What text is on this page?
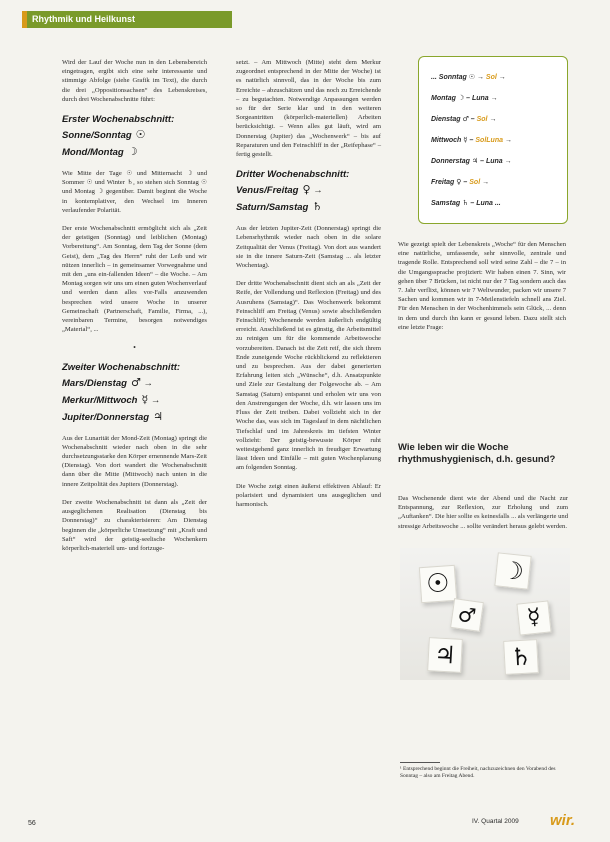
Rhythmik und Heilkunst

Wird der Lauf der Woche nun in den Lebensbereich eingetragen, ergibt sich eine sehr interessante und stimmige Abfolge (siehe Grafik im Text), die durch die drei „Oppositionsachsen“ des Lebenskreises, durch drei Wochenabschnitte führt:

Erster Wochenabschnitt:
Sonne/Sonntag ☉
Mond/Montag ☽

Wie Mitte der Tage ☉ und Mitternacht ☽ und Sommer ☉ und Winter ♄, so stehen sich Sonntag ☉ und Montag ☽ gegenüber. Damit beginnt die Woche in kontemplativer, den Wechsel im Inneren verlaufender Polarität.

Der erste Wochenabschnitt ermöglicht sich als „Zeit der geistigen (Sonntag) und leiblichen (Montag) Vorbereitung“. Am Sonntag, dem Tag der Sonne (dem Geist), dem „Tag des Herrn“ ruht der Leib und wir nützen innerlich – in gemeinsamer Vorwegnahme und mit den „uns ein-fallenden Ideen“ – die Woche. – Am Montag sorgen wir uns um einen guten Wochenverlauf und werden dann alles vor-Falls anzuwenden besprechen wird unsere Woche in unserer Gemeinschaft (Partnerschaft, Familie, Firma, ...), vereinbaren Termine, besorgen notwendiges „Material“, ...

•
Zweiter Wochenabschnitt:
Mars/Dienstag ♂ →
Merkur/Mittwoch ☿ →
Jupiter/Donnerstag ♃

Aus der Lunarität der Mond-Zeit (Montag) springt die Wochenabschnitt wieder nach oben in die sehr durchsetzungsstarke den Körper ernennende Mars-Zeit (Dienstag). Von dort wandert die Wochenabschnitt dann über die Mitte (Mittwoch) nach unten in die innere Zeitpolität des Jupiters (Donnerstag).

Der zweite Wochenabschnitt ist dann als „Zeit der ausgeglichenen Realisation (Dienstag bis Donnerstag)“ zu charakterisieren: Am Dienstag beginnen die „körperliche Umsetzung“ mit „Kraft und Saft“ wird der geistig-seelische Wochenkern körperlich-materiell um- und fortzuge-

setzt. – Am Mittwoch (Mitte) steht dem Merkur zugeordnet entsprechend in der Mitte der Woche) ist es natürlich sinnvoll, das in der Woche bis zum Erreichte – abzuschätzen und das noch zu Erreichende – zu begutachten. Notwendige Anpassungen werden so für der Serie klar und in den weiteren Sorgeantritten (körperlich-materiellen) Arbeiten berücksichtigt. – Wenn alles gut läuft, wird am Donnerstag (Jupiter) das „Wochenwerk“ – bis auf Reparaturen und den Feinschliff in der „Reifephase“ – fertig gestellt.

Dritter Wochenabschnitt:
Venus/Freitag ♀ →
Saturn/Samstag ♄

Aus der letzten Jupiter-Zeit (Donnerstag) springt die Lebensrhythmik wieder nach oben in die solare Zeitqualität der Venus (Freitag). Von dort aus wandert sie in die innere Saturn-Zeit (Samstag ... als letzter Wochentag).

Der dritte Wochenabschnitt dient sich an als „Zeit der Reife, der Vollendung und Reflexion (Freitag) und des Ausruhens (Samstag)“. Das Wochenwerk bekommt Feinschliff am Freitag (Venus) sowie abschließenden Feinschliff; Wochenende werden äußerlich endgültig erreicht. Anschließend ist es günstig, die Arbeitsmittel zu reinigen um für die kommende Arbeitswoche vorzubereiten. Danach ist die Zeit reif, die sich ihrem Ende zuneigende Woche rückblickend zu reflektieren und zu besprechen. Aus der dabei generierten Erfahrung leiten sich „Wünsche“, d.h. Ansatzpunkte und Ziele zur Gestaltung der Folgewoche ab. – Am Samstag (Saturn) entspannt und erholen wir uns von den Anstrengungen der Woche, d.h. wir lassen uns im Fluss der Zeit treiben. Dabei vollzieht sich in der Woche das, was sich im Tageslauf in dem nächtlichen Tiefschlaf und im Jahreskreis im tiefsten Winter vollzieht: Der geistig-bewusste Körper ruht weitestgehend ganz innerlich in freudiger Erwartung lässt Ideen und Einfälle – mit guten Wochenplanung am folgenden Sonntag.

Die Woche zeigt einen äußerst effektiven Ablauf: Er polarisiert und dynamisiert uns ausgeglichen und harmonisch.

... Sonntag ☉ → Sol →
Montag ☽ – Luna →
Dienstag ♂ – Sol →
Mittwoch ☿ – SolLuna →
Donnerstag ♃ – Luna →
Freitag ♀ – Sol →
Samstag ♄ – Luna ...

Wie gezeigt spielt der Lebenskreis „Woche“ für den Menschen eine natürliche, umfassende, sehr sinnvolle, zentrale und tragende Rolle. Entsprechend soll wird seine Zahl – die 7 – in die Umgangssprache projiziert: Wir haben einen 7. Sinn, wir gehen über 7 Brücken, ist nicht nur der 7 Tag sondern auch das 7. Jahr verflixt, können wir 7 Weltwunder, packen wir unsere 7 Sachen und kommen wir in 7-Meilenstiefeln schnell ans Ziel. Für den Menschen in der Wochenhimmels sein Glück, ... denn in dem und durch ihn kann er gesund leben. Dazu stellt sich eine letzte Frage:

Wie leben wir die Woche rhythmushygienisch, d.h. gesund?

Das Wochenende dient wie der Abend und die Nacht zur Entspannung, zur Reflexion, zur Erholung und zum „Auftanken“. Die hier sollte es keinesfalls ... als verlängerte und stressige Arbeitswoche ... sollte verändert heraus gelebt werden.

☉ ☽
♂	☿
♃ ♄
¹ Entsprechend beginnt die Freiheit, nachzuzeichnen den Vorabend des Sonntag – also am Freitag Abend.
56	IV. Quartal 2009 wir.
